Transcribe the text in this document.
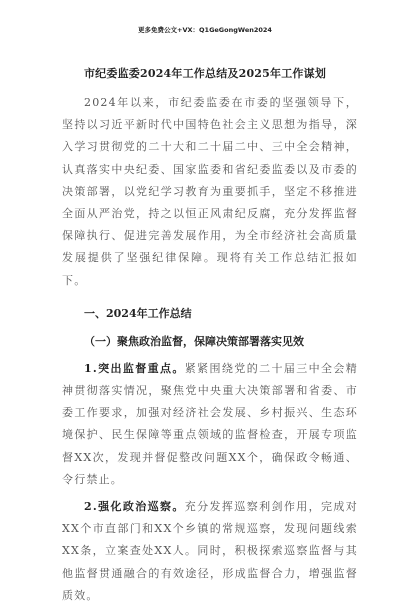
更多免费公文+VX：Q1GeGongWen2024
市纪委监委2024年工作总结及2025年工作谋划

2024年以来，市纪委监委在市委的坚强领导下，坚持以习近平新时代中国特色社会主义思想为指导，深入学习贯彻党的二十大和二十届二中、三中全会精神，认真落实中央纪委、国家监委和省纪委监委以及市委的决策部署，以党纪学习教育为重要抓手，坚定不移推进全面从严治党，持之以恒正风肃纪反腐，充分发挥监督保障执行、促进完善发展作用，为全市经济社会高质量发展提供了坚强纪律保障。现将有关工作总结汇报如下。

一、2024年工作总结
（一）聚焦政治监督，保障决策部署落实见效

1.突出监督重点。紧紧围绕党的二十届三中全会精神贯彻落实情况，聚焦党中央重大决策部署和省委、市委工作要求，加强对经济社会发展、乡村振兴、生态环境保护、民生保障等重点领域的监督检查，开展专项监督XX次，发现并督促整改问题XX个，确保政令畅通、令行禁止。

2.强化政治巡察。充分发挥巡察利剑作用，完成对XX个市直部门和XX个乡镇的常规巡察，发现问题线索XX条，立案查处XX人。同时，积极探索巡察监督与其他监督贯通融合的有效途径，形成监督合力，增强监督质效。
